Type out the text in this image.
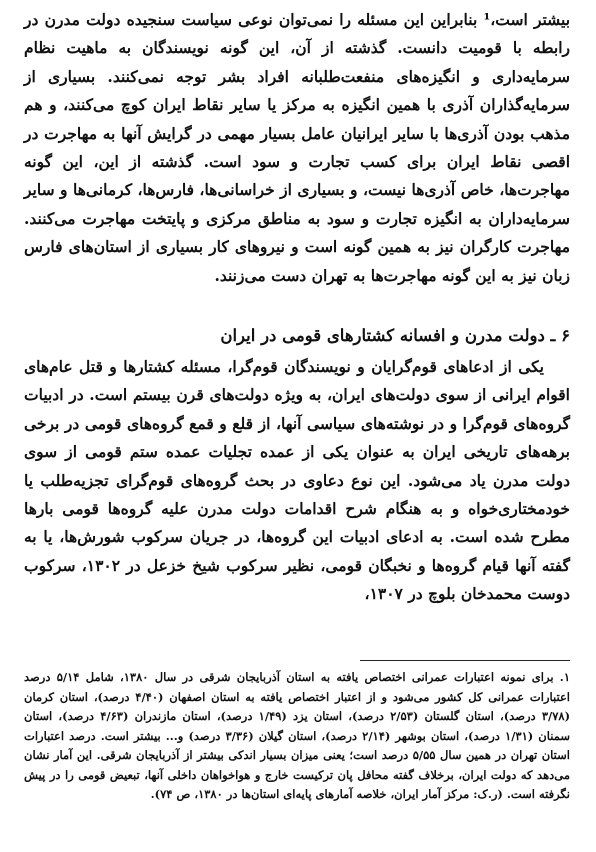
بیشتر است،¹ بنابراین این مسئله را نمی‌توان نوعی سیاست سنجیده دولت مدرن در رابطه با قومیت دانست. گذشته از آن، این گونه نویسندگان به ماهیت نظام سرمایه‌داری و انگیزه‌های منفعت‌طلبانه افراد بشر توجه نمی‌کنند. بسیاری از سرمایه‌گذاران آذری با همین انگیزه به مرکز یا سایر نقاط ایران کوچ می‌کنند، و هم مذهب بودن آذری‌ها با سایر ایرانیان عامل بسیار مهمی در گرایش آنها به مهاجرت در اقصی نقاط ایران برای کسب تجارت و سود است. گذشته از این، این گونه مهاجرت‌ها، خاص آذری‌ها نیست، و بسیاری از خراسانی‌ها، فارس‌ها، کرمانی‌ها و سایر سرمایه‌داران به انگیزه تجارت و سود به مناطق مرکزی و پایتخت مهاجرت می‌کنند. مهاجرت کارگران نیز به همین گونه است و نیروهای کار بسیاری از استان‌های فارس زبان نیز به این گونه مهاجرت‌ها به تهران دست می‌زنند.

۶ ـ دولت مدرن و افسانه کشتارهای قومی در ایران

یکی از ادعاهای قوم‌گرایان و نویسندگان قوم‌گرا، مسئله کشتارها و قتل عام‌های اقوام ایرانی از سوی دولت‌های ایران، به ویژه دولت‌های قرن بیستم است. در ادبیات گروه‌های قوم‌گرا و در نوشته‌های سیاسی آنها، از قلع و قمع گروه‌های قومی در برخی برهه‌های تاریخی ایران به عنوان یکی از عمده تجلیات عمده ستم قومی از سوی دولت مدرن یاد می‌شود. این نوع دعاوی در بحث گروه‌های قوم‌گرای تجزیه‌طلب یا خودمختاری‌خواه و به هنگام شرح اقدامات دولت مدرن علیه گروه‌ها قومی بارها مطرح شده است. به ادعای ادبیات این گروه‌ها، در جریان سرکوب شورش‌ها، یا به گفته آنها قیام گروه‌ها و نخبگان قومی، نظیر سرکوب شیخ خزعل در ۱۳۰۲، سرکوب دوست محمدخان بلوچ در ۱۳۰۷،

۱. برای نمونه اعتبارات عمرانی اختصاص یافته به استان آذربایجان شرقی در سال ۱۳۸۰، شامل ۵/۱۴ درصد اعتبارات عمرانی کل کشور می‌شود و از اعتبار اختصاص یافته به استان اصفهان (۴/۴۰ درصد)، استان کرمان (۳/۷۸ درصد)، استان گلستان (۲/۵۳ درصد)، استان یزد (۱/۴۹ درصد)، استان مازندران (۴/۶۳ درصد)، استان سمنان (۱/۳۱ درصد)، استان بوشهر (۲/۱۴ درصد)، استان گیلان (۳/۳۶ درصد) و... بیشتر است. درصد اعتبارات استان تهران در همین سال ۵/۵۵ درصد است؛ یعنی میزان بسیار اندکی بیشتر از آذربایجان شرقی. این آمار نشان می‌دهد که دولت ایران، برخلاف گفته محافل پان ترکیست خارج و هواخواهان داخلی آنها، تبعیض قومی را در پیش نگرفته است. (ر.ک: مرکز آمار ایران، خلاصه آمارهای پایه‌ای استان‌ها در ۱۳۸۰، ص ۷۴).
